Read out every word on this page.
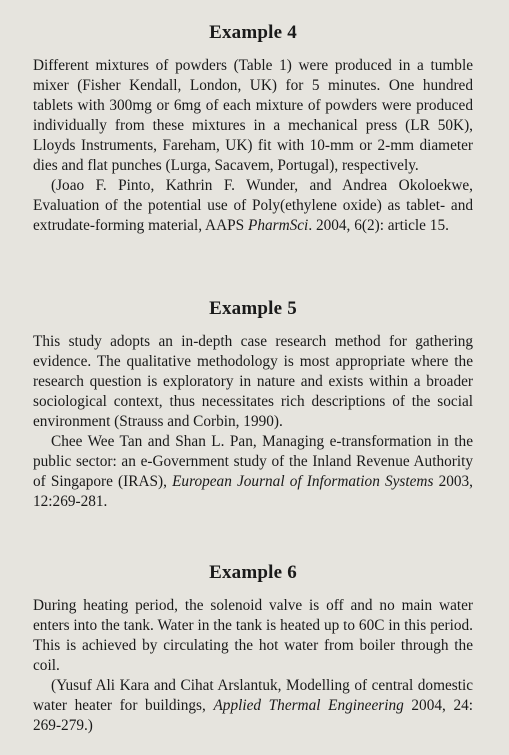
Example 4

Different mixtures of powders (Table 1) were produced in a tumble mixer (Fisher Kendall, London, UK) for 5 minutes. One hundred tablets with 300mg or 6mg of each mixture of powders were produced individually from these mixtures in a mechanical press (LR 50K), Lloyds Instruments, Fareham, UK) fit with 10-mm or 2-mm diameter dies and flat punches (Lurga, Sacavem, Portugal), respectively.

(Joao F. Pinto, Kathrin F. Wunder, and Andrea Okoloekwe, Evaluation of the potential use of Poly(ethylene oxide) as tablet- and extrudate-forming material, AAPS PharmSci. 2004, 6(2): article 15.

Example 5

This study adopts an in-depth case research method for gathering evidence. The qualitative methodology is most appropriate where the research question is exploratory in nature and exists within a broader sociological context, thus necessitates rich descriptions of the social environment (Strauss and Corbin, 1990).

Chee Wee Tan and Shan L. Pan, Managing e-transformation in the public sector: an e-Government study of the Inland Revenue Authority of Singapore (IRAS), European Journal of Information Systems 2003, 12:269-281.

Example 6

During heating period, the solenoid valve is off and no main water enters into the tank. Water in the tank is heated up to 60C in this period. This is achieved by circulating the hot water from boiler through the coil.

(Yusuf Ali Kara and Cihat Arslantuk, Modelling of central domestic water heater for buildings, Applied Thermal Engineering 2004, 24: 269-279.)
